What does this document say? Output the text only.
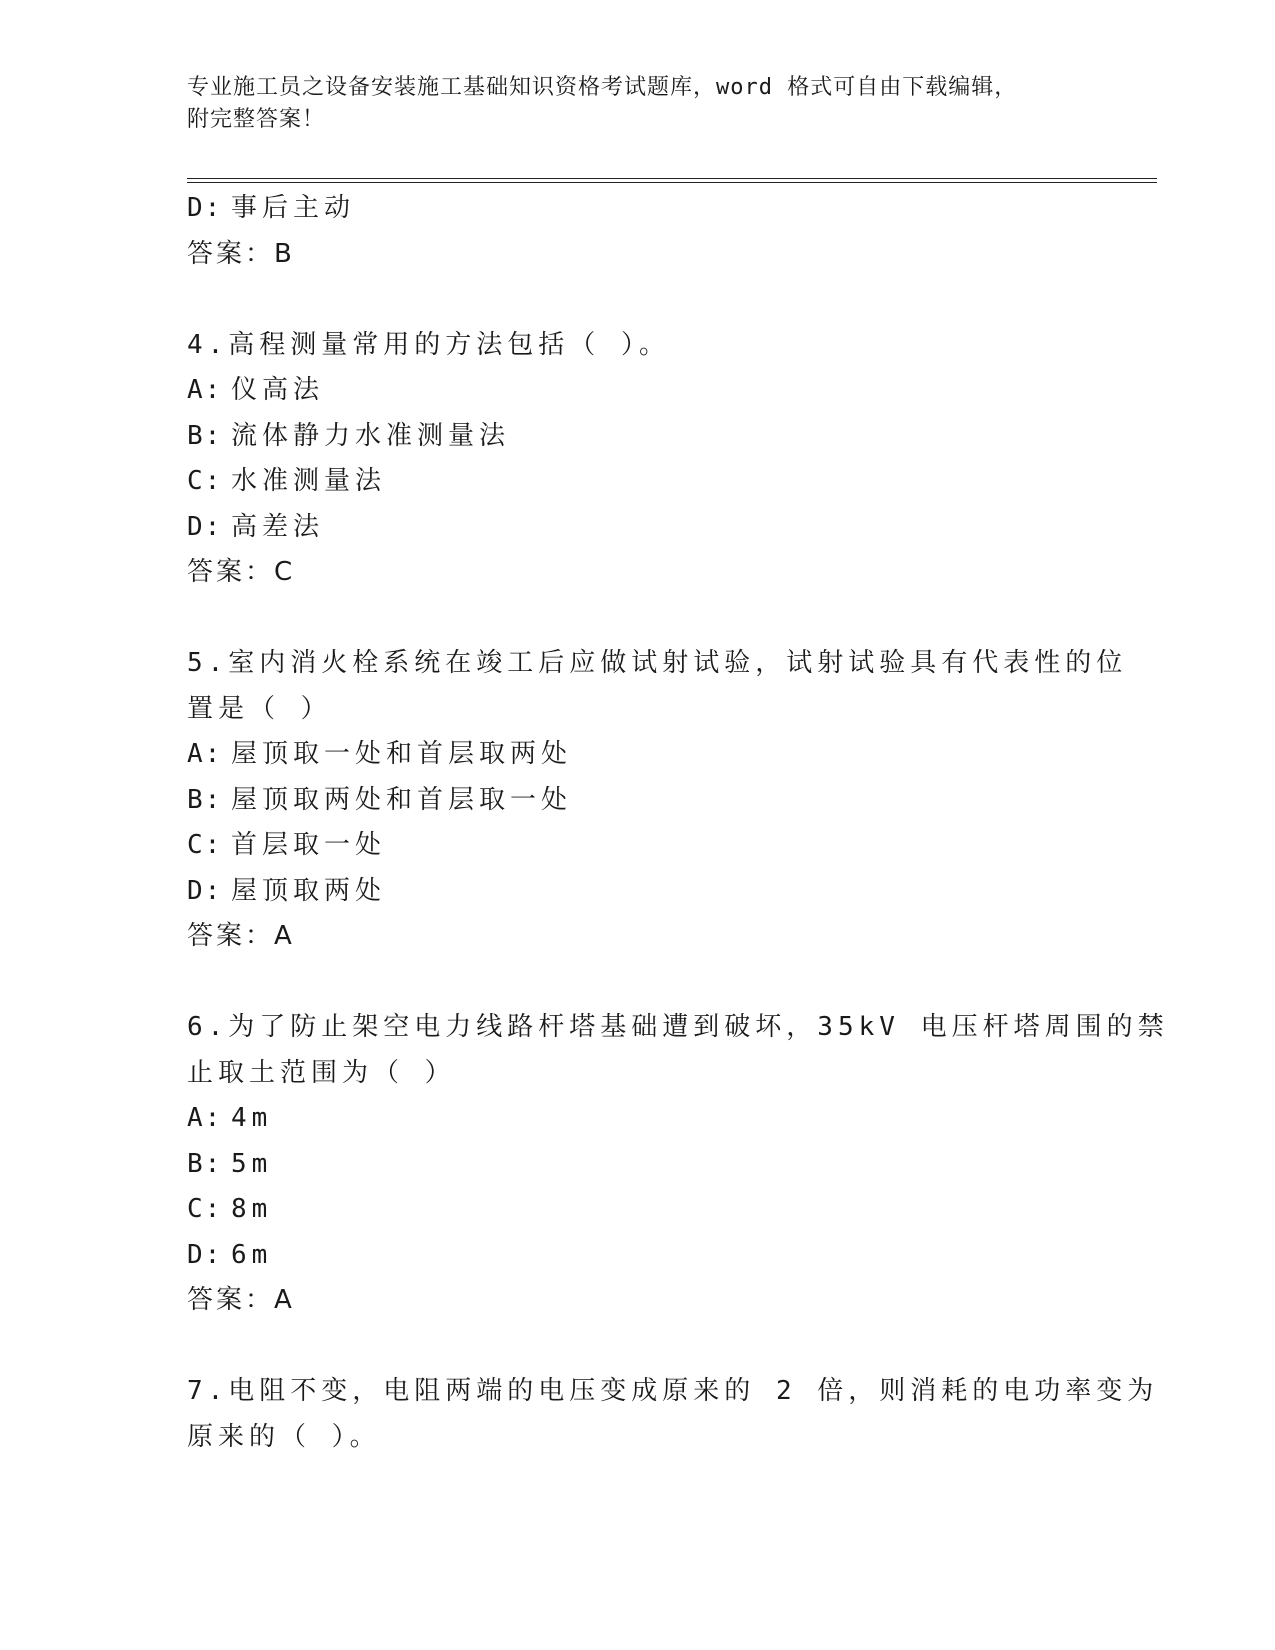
专业施工员之设备安装施工基础知识资格考试题库，word 格式可自由下载编辑，
附完整答案！
D: 事后主动
答案：B
4.高程测量常用的方法包括（ ）。
A: 仪高法
B: 流体静力水准测量法
C: 水准测量法
D: 高差法
答案：C
5.室内消火栓系统在竣工后应做试射试验，试射试验具有代表性的位
置是（ ）
A: 屋顶取一处和首层取两处
B: 屋顶取两处和首层取一处
C: 首层取一处
D: 屋顶取两处
答案：A
6.为了防止架空电力线路杆塔基础遭到破坏，35kV 电压杆塔周围的禁
止取土范围为（ ）
A: 4m
B: 5m
C: 8m
D: 6m
答案：A
7.电阻不变，电阻两端的电压变成原来的 2 倍，则消耗的电功率变为
原来的（ ）。
